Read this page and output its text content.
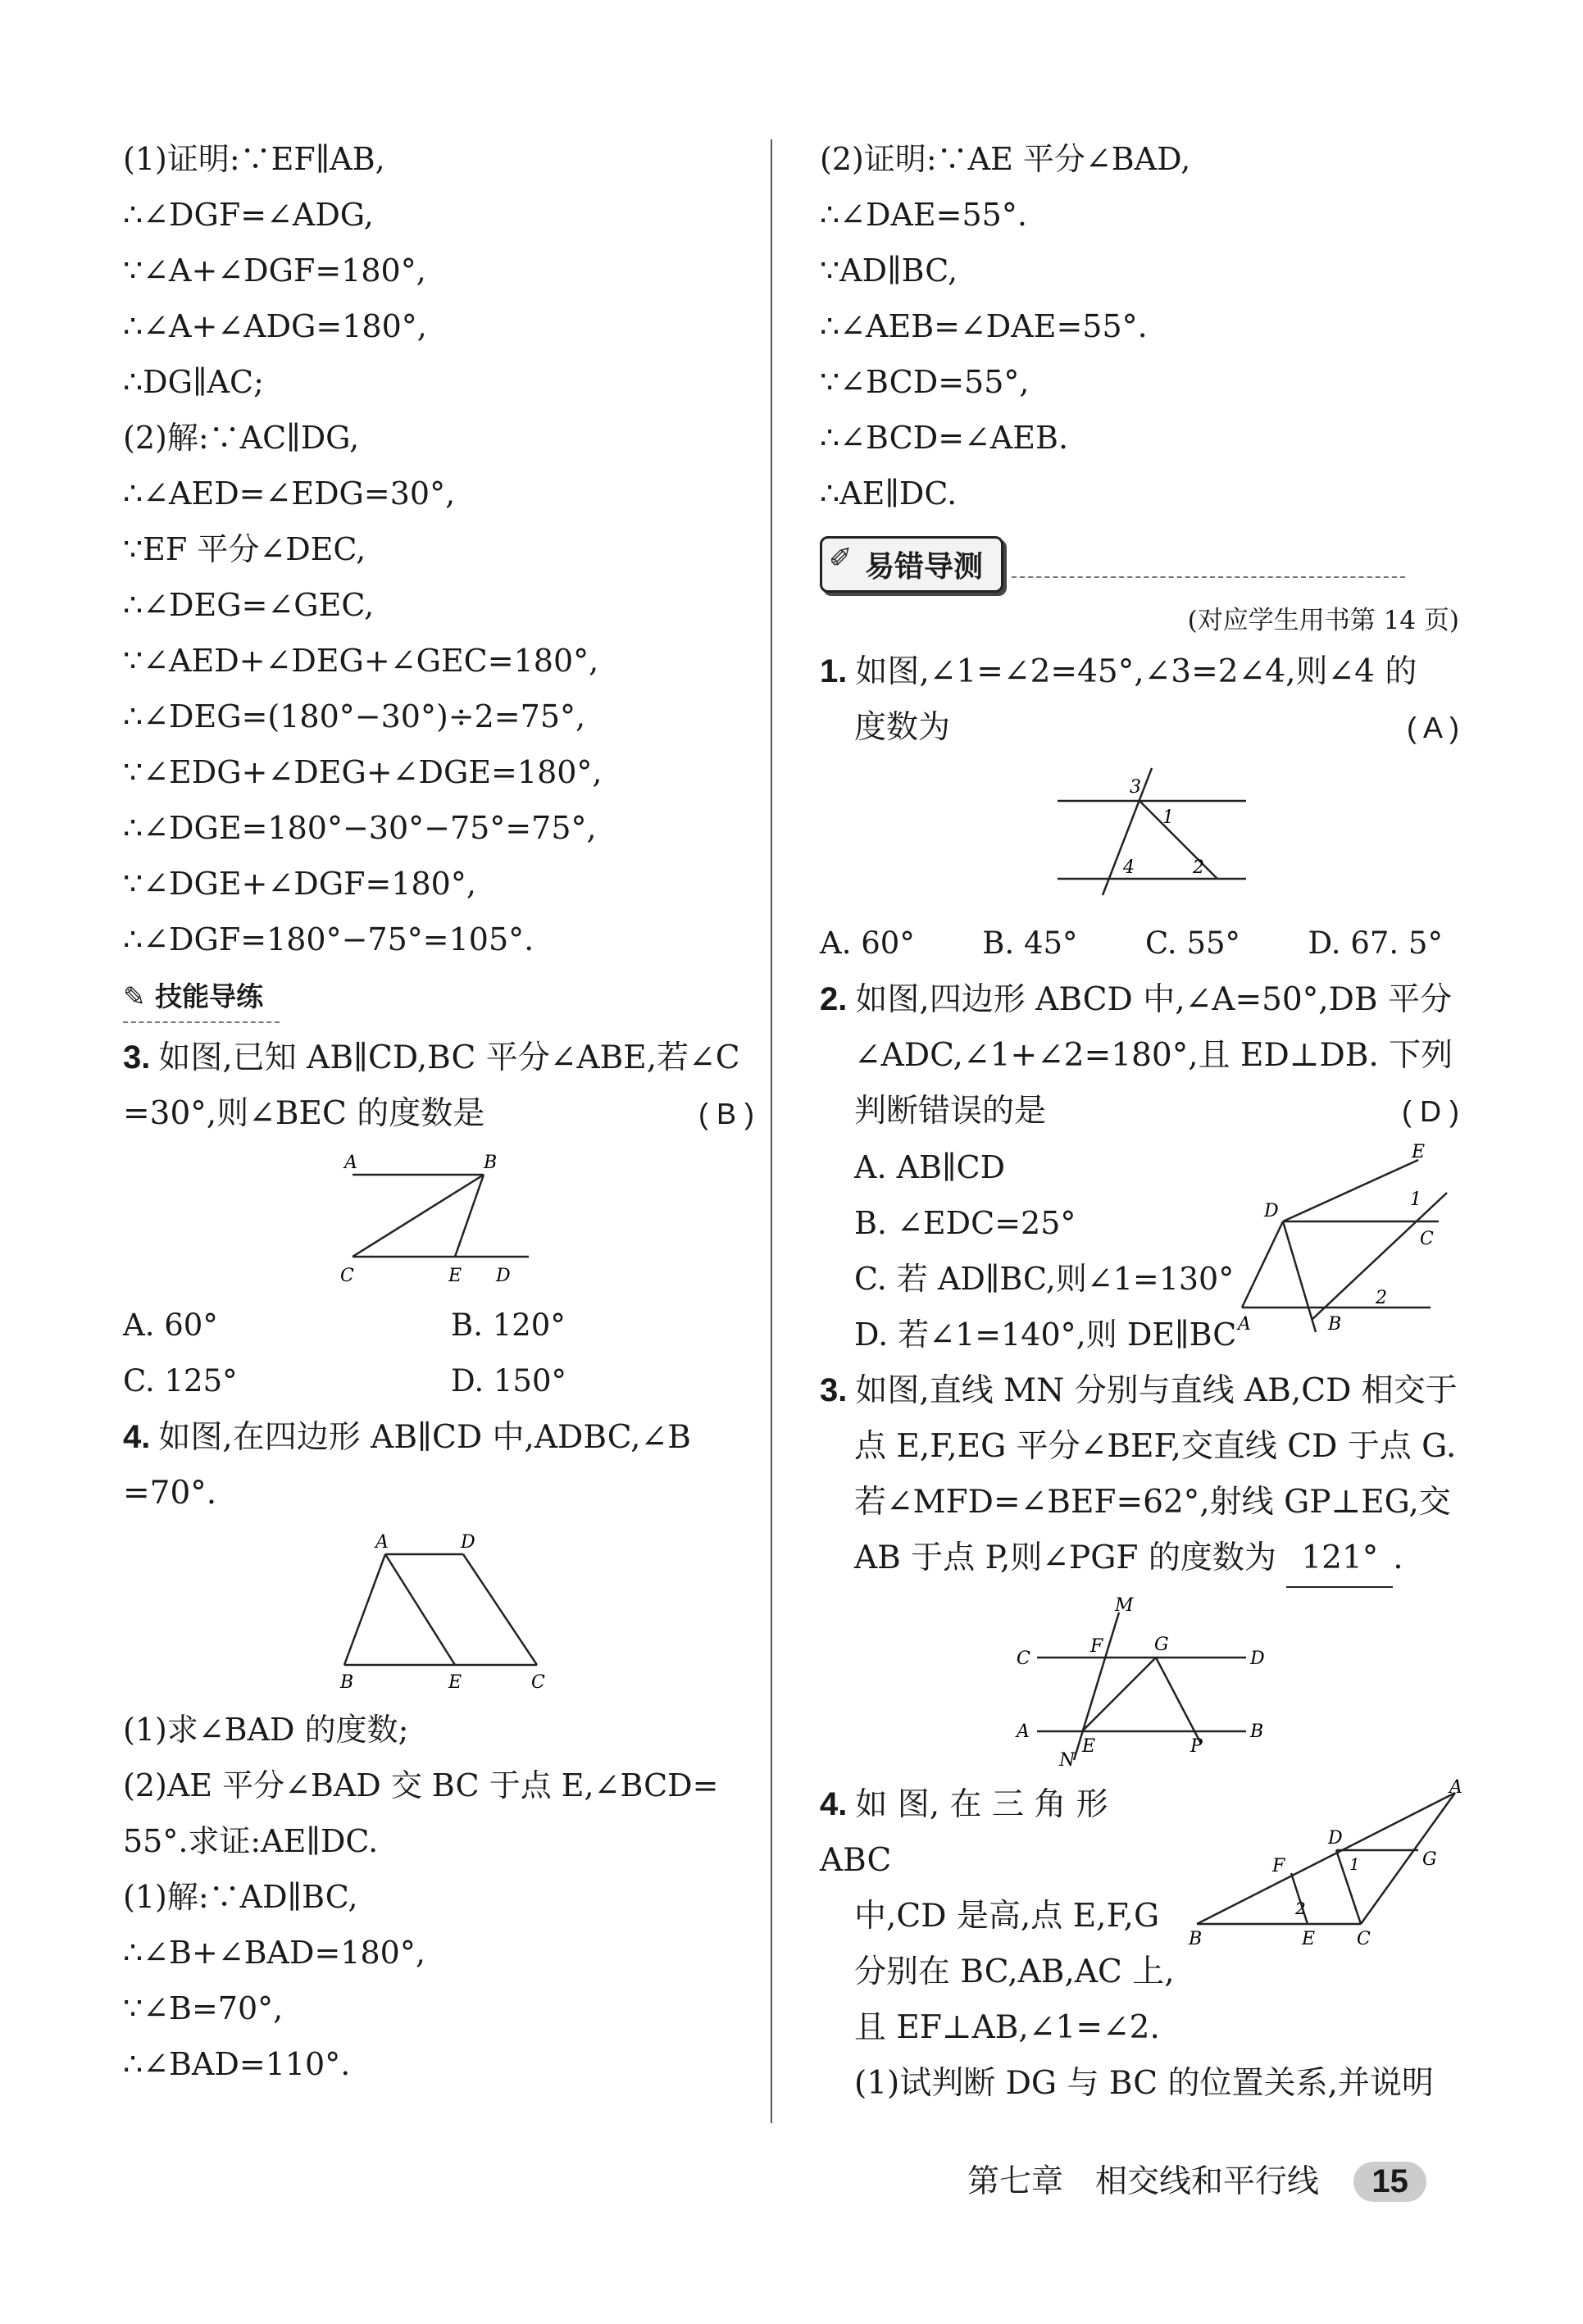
(1)证明:∵EF∥AB,
∴∠DGF=∠ADG,
∵∠A+∠DGF=180°,
∴∠A+∠ADG=180°,
∴DG∥AC;
(2)解:∵AC∥DG,
∴∠AED=∠EDG=30°,
∵EF 平分∠DEC,
∴∠DEG=∠GEC,
∵∠AED+∠DEG+∠GEC=180°,
∴∠DEG=(180°−30°)÷2=75°,
∵∠EDG+∠DEG+∠DGE=180°,
∴∠DGE=180°−30°−75°=75°,
∵∠DGE+∠DGF=180°,
∴∠DGF=180°−75°=105°.
✎ 技能导练
3. 如图,已知 AB∥CD,BC 平分∠ABE,若∠C
=30°,则∠BEC 的度数是	( B )
A	B
C	E D
A. 60°	B. 120°
C. 125°	D. 150°
4. 如图,在四边形 AB∥CD 中,ADBC,∠B
=70°.
A	D
B	E	C
(1)求∠BAD 的度数;
(2)AE 平分∠BAD 交 BC 于点 E,∠BCD=
55°.求证:AE∥DC.
(1)解:∵AD∥BC,
∴∠B+∠BAD=180°,
∵∠B=70°,
∴∠BAD=110°.
(2)证明:∵AE 平分∠BAD,
∴∠DAE=55°.
∵AD∥BC,
∴∠AEB=∠DAE=55°.
∵∠BCD=55°,
∴∠BCD=∠AEB.
∴AE∥DC.
✐ 易错导测
(对应学生用书第 14 页)
1. 如图,∠1=∠2=45°,∠3=2∠4,则∠4 的
度数为	( A )
3
1
4	2
A. 60° B. 45° C. 55° D. 67. 5°
2. 如图,四边形 ABCD 中,∠A=50°,DB 平分
∠ADC,∠1+∠2=180°,且 ED⊥DB. 下列
判断错误的是	( D )
A. AB∥CD
B. ∠EDC=25°
C. 若 AD∥BC,则∠1=130°
D. 若∠1=140°,则 DE∥BC
E
D
1
C
2
A	B
3. 如图,直线 MN 分别与直线 AB,CD 相交于
点 E,F,EG 平分∠BEF,交直线 CD 于点 G.
若∠MFD=∠BEF=62°,射线 GP⊥EG,交
AB 于点 P,则∠PGF 的度数为 121° .
M
C
F	G
D
A
E	P
B
N
4. 如 图, 在 三 角 形 ABC
中,CD 是高,点 E,F,G
分别在 BC,AB,AC 上,
且 EF⊥AB,∠1=∠2.
A
F
D
1	G
2
B	E C
(1)试判断 DG 与 BC 的位置关系,并说明
第七章　相交线和平行线 15
